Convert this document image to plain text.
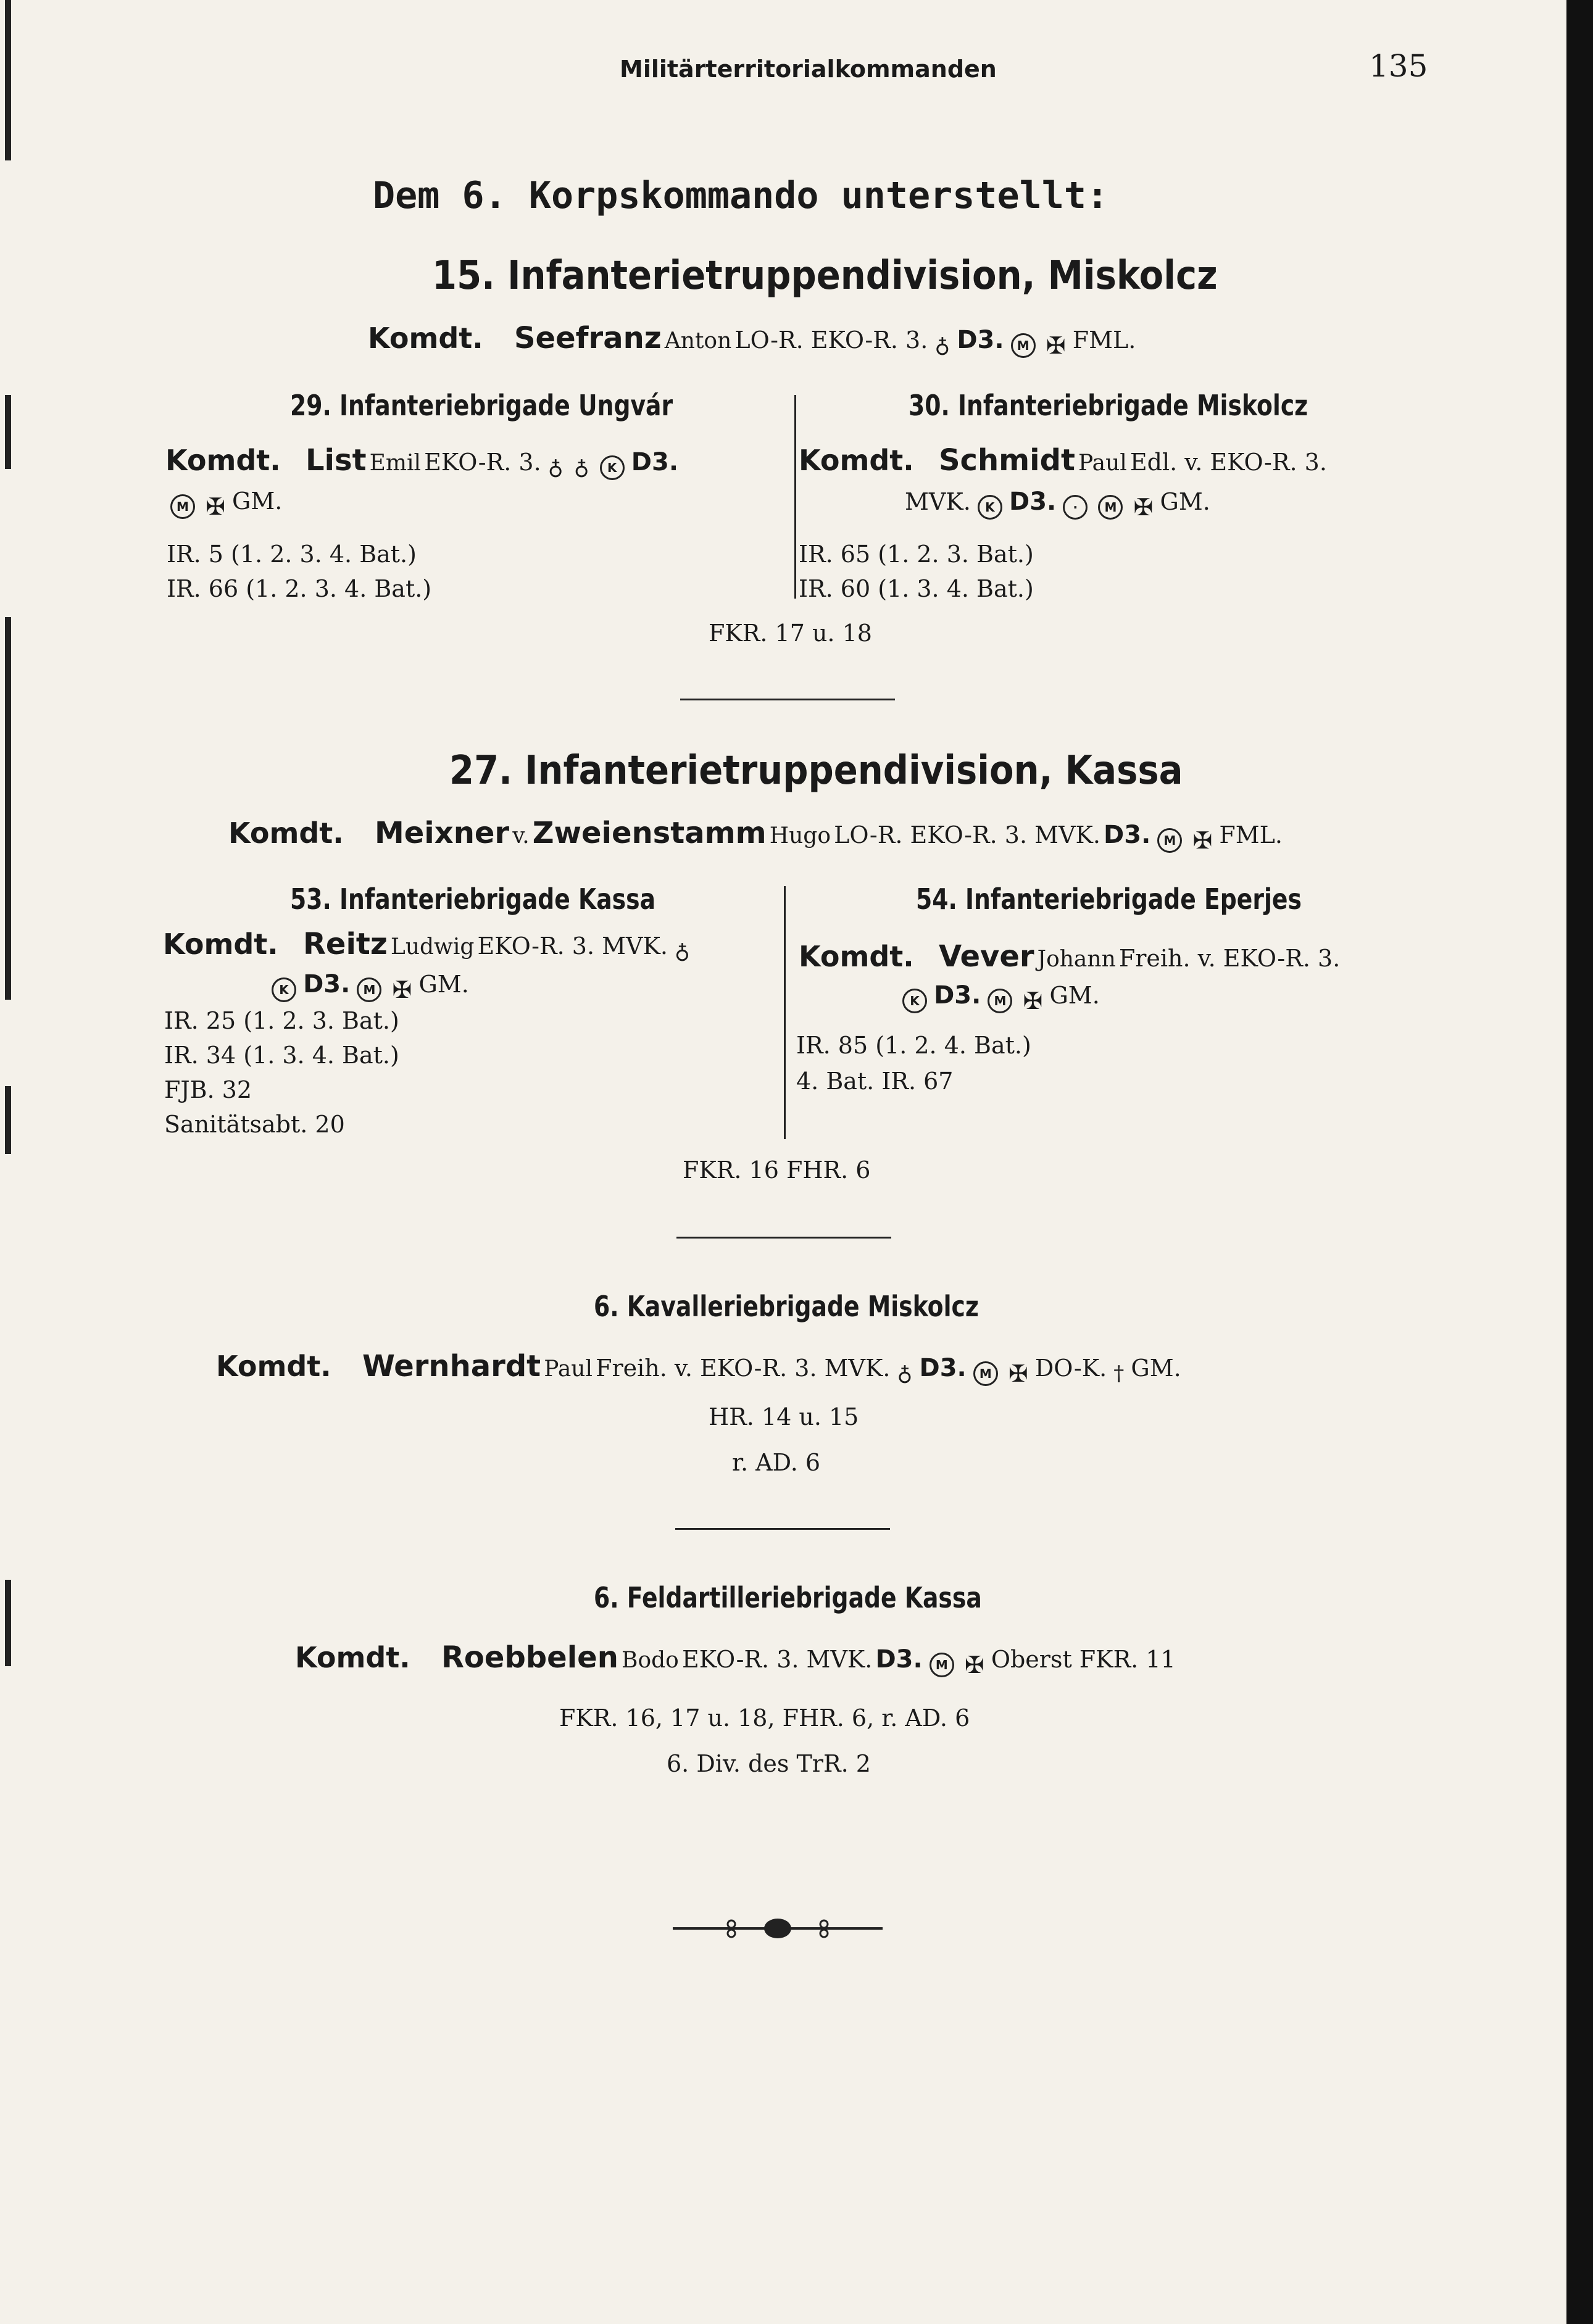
Militärterritorialkommanden	135
Dem 6. Korpskommando unterstellt:
15. Infanterietruppendivision, Miskolcz
Komdt. Seefranz Anton LO-R. EKO-R. 3. ♁ D3. M ✠ FML.
29. Infanteriebrigade Ungvár
Komdt. List Emil EKO-R. 3. ♁ ♁ K D3.
M ✠ GM.
IR. 5 (1. 2. 3. 4. Bat.)
IR. 66 (1. 2. 3. 4. Bat.)
30. Infanteriebrigade Miskolcz
Komdt. Schmidt Paul Edl. v. EKO-R. 3.
MVK. K D3. · M ✠ GM.
IR. 65 (1. 2. 3. Bat.)
IR. 60 (1. 3. 4. Bat.)
FKR. 17 u. 18
27. Infanterietruppendivision, Kassa
Komdt. Meixner v. Zweienstamm Hugo LO-R. EKO-R. 3. MVK. D3. M ✠ FML.
53. Infanteriebrigade Kassa
Komdt. Reitz Ludwig EKO-R. 3. MVK. ♁
K D3. M ✠ GM.
IR. 25 (1. 2. 3. Bat.)
IR. 34 (1. 3. 4. Bat.)
FJB. 32
Sanitätsabt. 20
54. Infanteriebrigade Eperjes
Komdt. Vever Johann Freih. v. EKO-R. 3.
K D3. M ✠ GM.
IR. 85 (1. 2. 4. Bat.)
4. Bat. IR. 67
FKR. 16 FHR. 6
6. Kavalleriebrigade Miskolcz
Komdt. Wernhardt Paul Freih. v. EKO-R. 3. MVK. ♁ D3. M ✠ DO-K. † GM.
HR. 14 u. 15
r. AD. 6
6. Feldartilleriebrigade Kassa
Komdt. Roebbelen Bodo EKO-R. 3. MVK. D3. M ✠ Oberst FKR. 11
FKR. 16, 17 u. 18, FHR. 6, r. AD. 6
6. Div. des TrR. 2
